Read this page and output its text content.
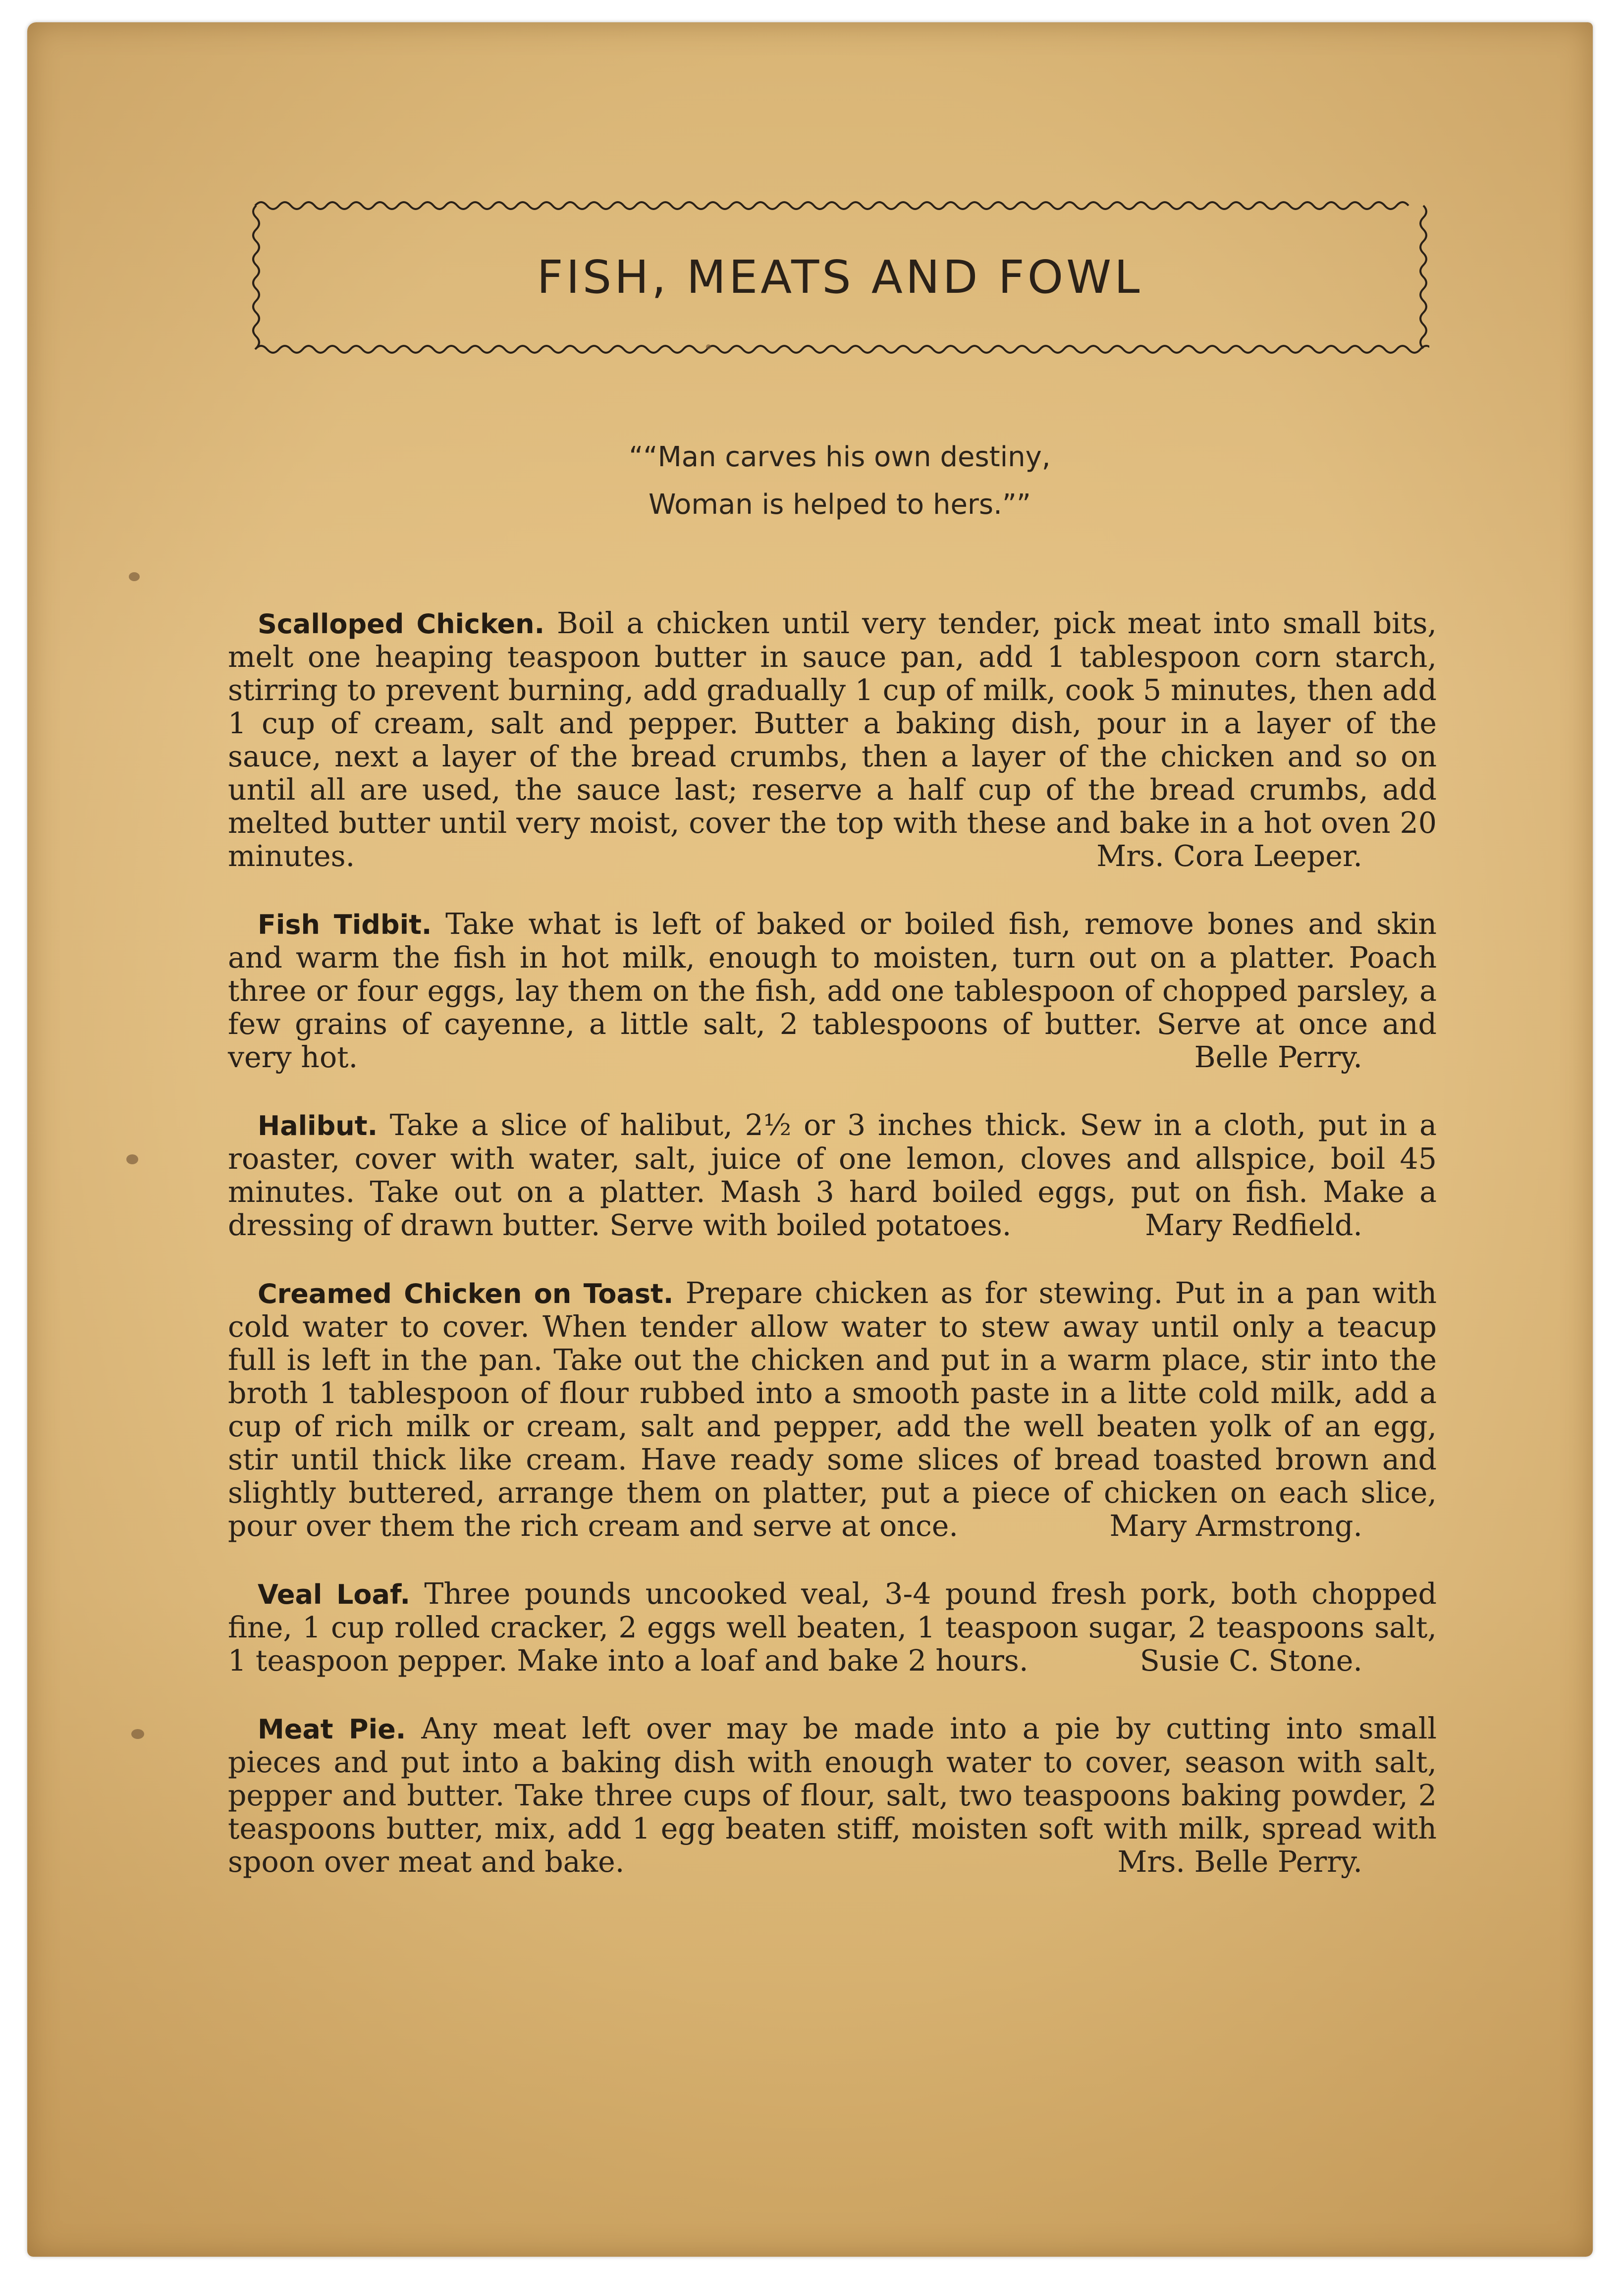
FISH, MEATS AND FOWL
““Man carves his own destiny,
Woman is helped to hers.””
Scalloped Chicken. Boil a chicken until very tender, pick meat into small bits, melt one heaping teaspoon butter in sauce pan, add 1 tablespoon corn starch, stirring to prevent burning, add gradually 1 cup of milk, cook 5 minutes, then add 1 cup of cream, salt and pepper. Butter a baking dish, pour in a layer of the sauce, next a layer of the bread crumbs, then a layer of the chicken and so on until all are used, the sauce last; reserve a half cup of the bread crumbs, add melted butter until very moist, cover the top with these and bake in a hot oven 20 minutes.	Mrs. Cora Leeper.
Fish Tidbit. Take what is left of baked or boiled fish, remove bones and skin and warm the fish in hot milk, enough to moisten, turn out on a platter. Poach three or four eggs, lay them on the fish, add one tablespoon of chopped parsley, a few grains of cayenne, a little salt, 2 tablespoons of butter. Serve at once and very hot.	Belle Perry.
Halibut. Take a slice of halibut, 2½ or 3 inches thick. Sew in a cloth, put in a roaster, cover with water, salt, juice of one lemon, cloves and allspice, boil 45 minutes. Take out on a platter. Mash 3 hard boiled eggs, put on fish. Make a dressing of drawn butter. Serve with boiled potatoes.	Mary Redfield.
Creamed Chicken on Toast. Prepare chicken as for stewing. Put in a pan with cold water to cover. When tender allow water to stew away until only a teacup full is left in the pan. Take out the chicken and put in a warm place, stir into the broth 1 tablespoon of flour rubbed into a smooth paste in a litte cold milk, add a cup of rich milk or cream, salt and pepper, add the well beaten yolk of an egg, stir until thick like cream. Have ready some slices of bread toasted brown and slightly buttered, arrange them on platter, put a piece of chicken on each slice, pour over them the rich cream and serve at once.	Mary Armstrong.
Veal Loaf. Three pounds uncooked veal, 3-4 pound fresh pork, both chopped fine, 1 cup rolled cracker, 2 eggs well beaten, 1 teaspoon sugar, 2 teaspoons salt, 1 teaspoon pepper. Make into a loaf and bake 2 hours.	Susie C. Stone.
Meat Pie. Any meat left over may be made into a pie by cutting into small pieces and put into a baking dish with enough water to cover, season with salt, pepper and butter. Take three cups of flour, salt, two teaspoons baking powder, 2 teaspoons butter, mix, add 1 egg beaten stiff, moisten soft with milk, spread with spoon over meat and bake.	Mrs. Belle Perry.
